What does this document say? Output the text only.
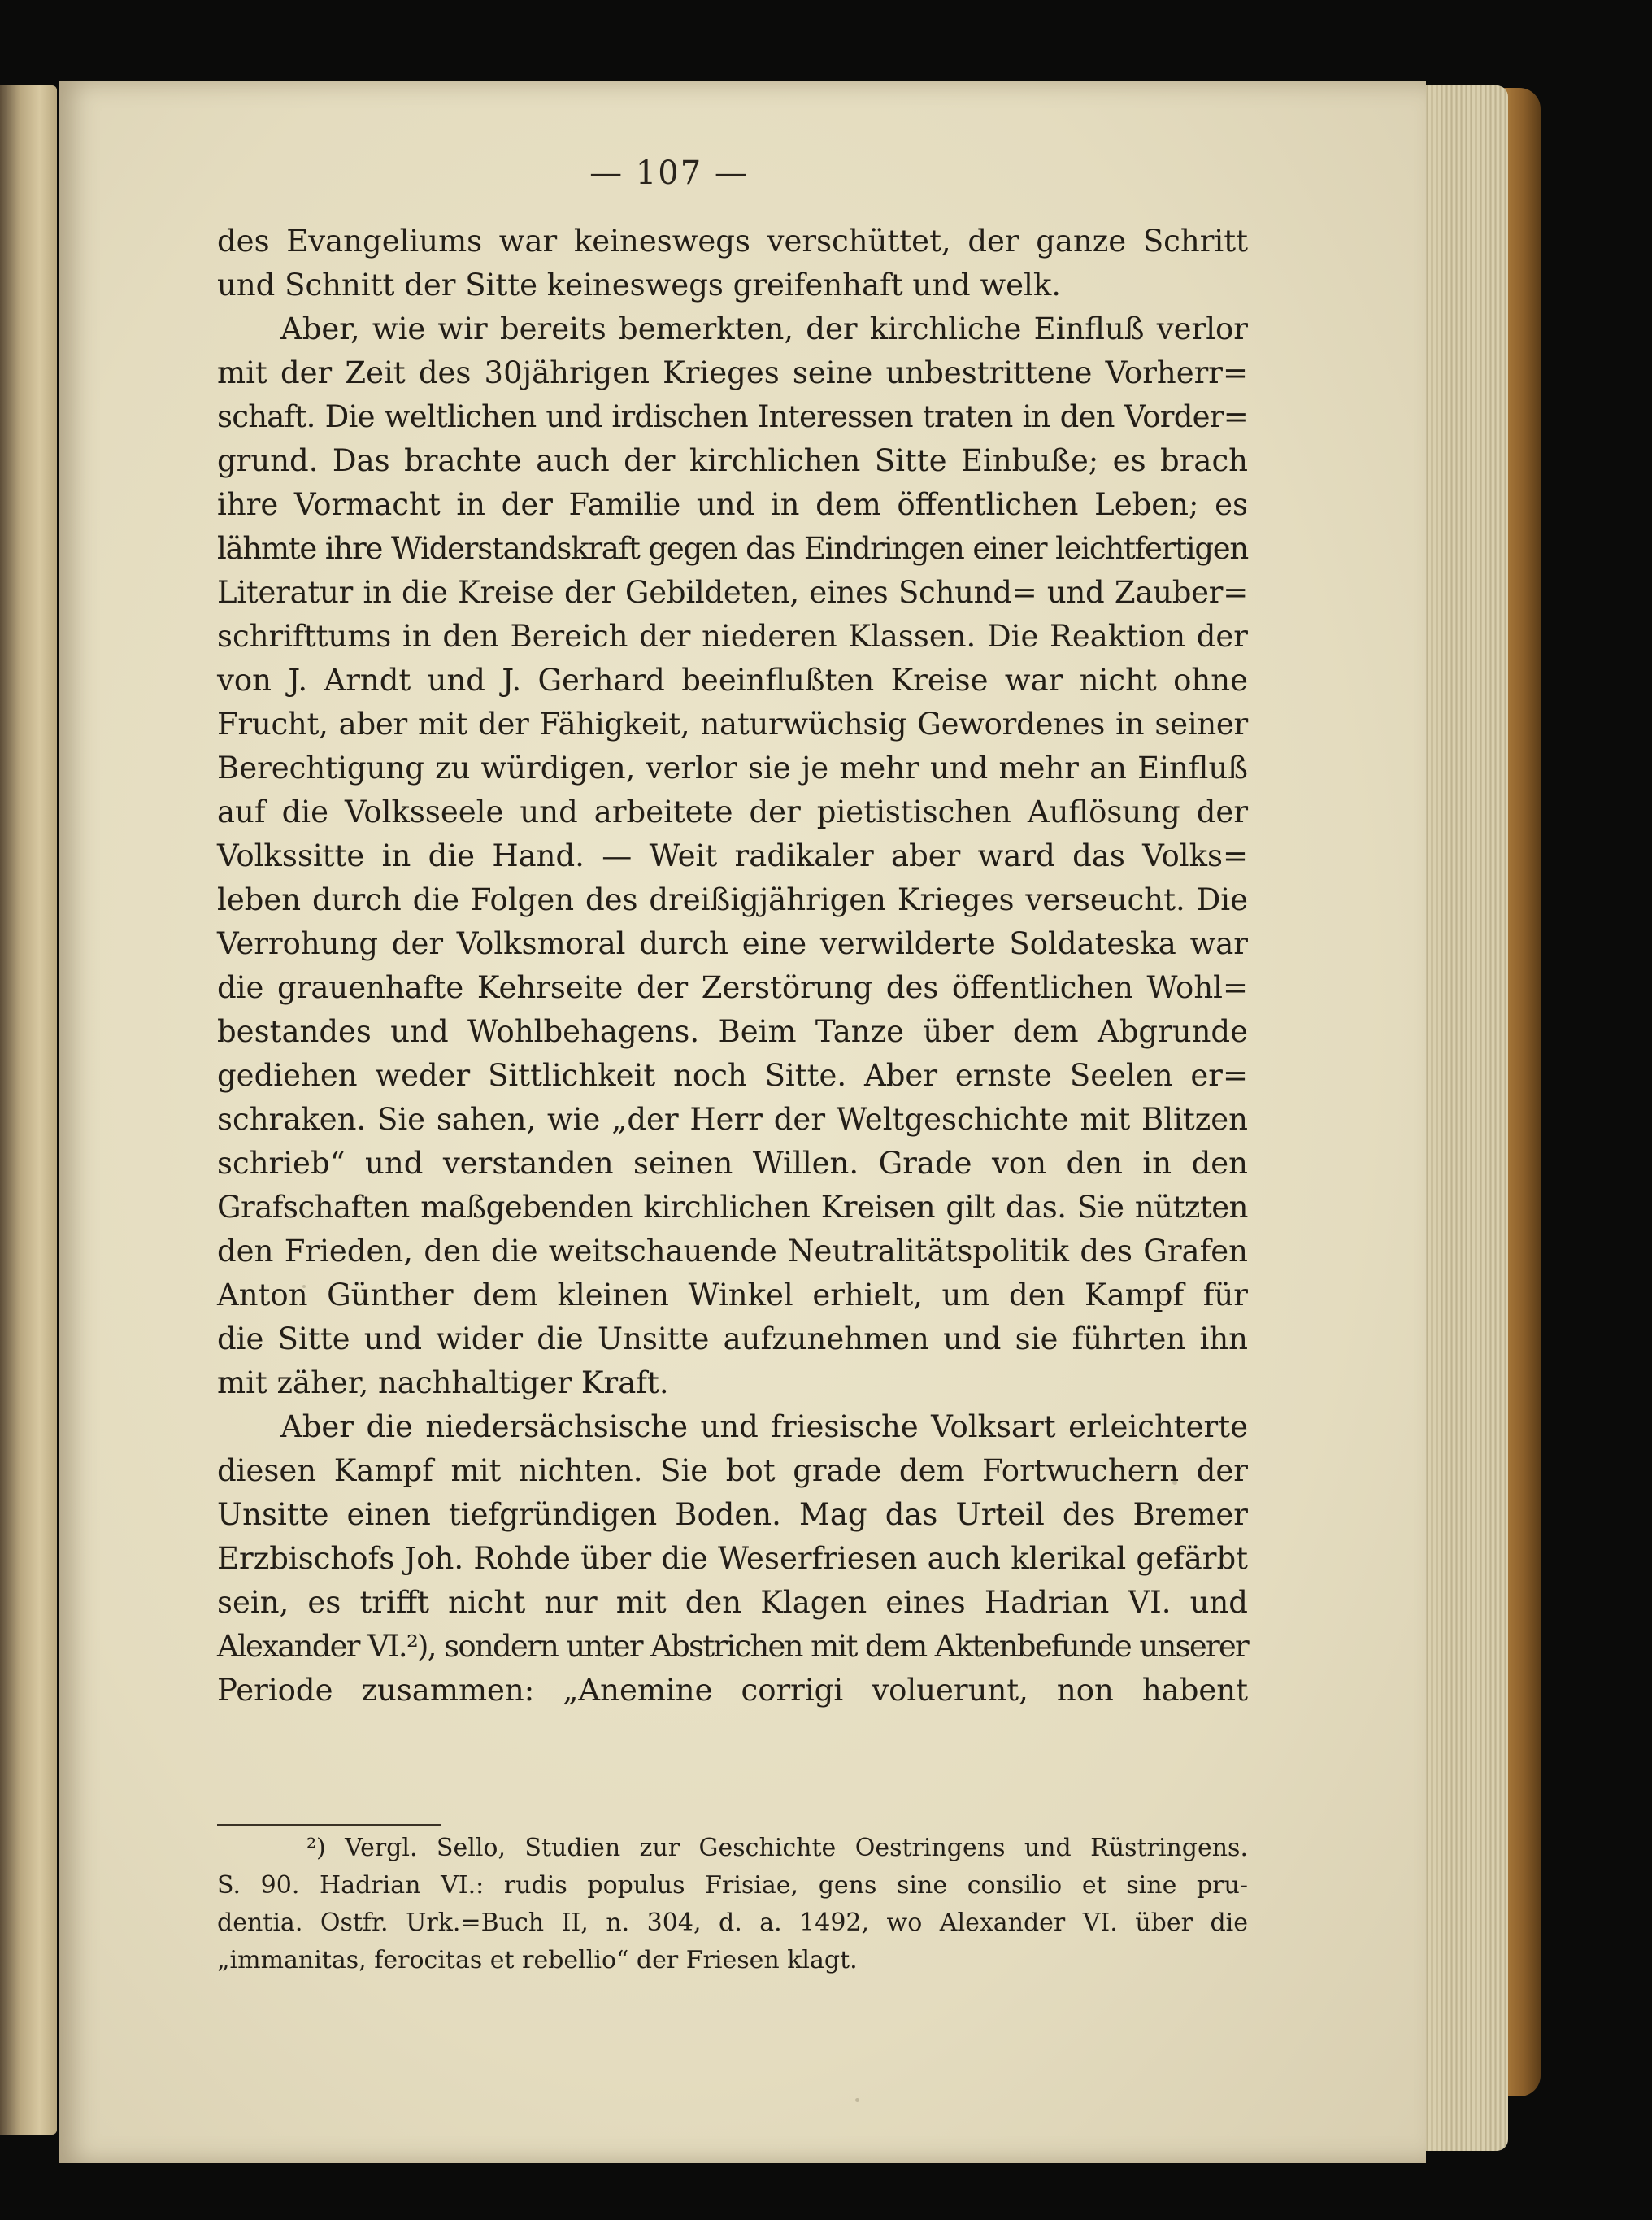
— 107 —
des Evangeliums war keineswegs verschüttet, der ganze Schritt
und Schnitt der Sitte keineswegs greifenhaft und welk.
Aber, wie wir bereits bemerkten, der kirchliche Einfluß verlor
mit der Zeit des 30jährigen Krieges seine unbestrittene Vorherr=
schaft. Die weltlichen und irdischen Interessen traten in den Vorder=
grund. Das brachte auch der kirchlichen Sitte Einbuße; es brach
ihre Vormacht in der Familie und in dem öffentlichen Leben; es
lähmte ihre Widerstandskraft gegen das Eindringen einer leichtfertigen
Literatur in die Kreise der Gebildeten, eines Schund= und Zauber=
schrifttums in den Bereich der niederen Klassen. Die Reaktion der
von J. Arndt und J. Gerhard beeinflußten Kreise war nicht ohne
Frucht, aber mit der Fähigkeit, naturwüchsig Gewordenes in seiner
Berechtigung zu würdigen, verlor sie je mehr und mehr an Einfluß
auf die Volksseele und arbeitete der pietistischen Auflösung der
Volkssitte in die Hand. — Weit radikaler aber ward das Volks=
leben durch die Folgen des dreißigjährigen Krieges verseucht. Die
Verrohung der Volksmoral durch eine verwilderte Soldateska war
die grauenhafte Kehrseite der Zerstörung des öffentlichen Wohl=
bestandes und Wohlbehagens. Beim Tanze über dem Abgrunde
gediehen weder Sittlichkeit noch Sitte. Aber ernste Seelen er=
schraken. Sie sahen, wie „der Herr der Weltgeschichte mit Blitzen
schrieb“ und verstanden seinen Willen. Grade von den in den
Grafschaften maßgebenden kirchlichen Kreisen gilt das. Sie nützten
den Frieden, den die weitschauende Neutralitätspolitik des Grafen
Anton Günther dem kleinen Winkel erhielt, um den Kampf für
die Sitte und wider die Unsitte aufzunehmen und sie führten ihn
mit zäher, nachhaltiger Kraft.
Aber die niedersächsische und friesische Volksart erleichterte
diesen Kampf mit nichten. Sie bot grade dem Fortwuchern der
Unsitte einen tiefgründigen Boden. Mag das Urteil des Bremer
Erzbischofs Joh. Rohde über die Weserfriesen auch klerikal gefärbt
sein, es trifft nicht nur mit den Klagen eines Hadrian VI. und
Alexander VI.²), sondern unter Abstrichen mit dem Aktenbefunde unserer
Periode zusammen: „Anemine corrigi voluerunt, non habent
²) Vergl. Sello, Studien zur Geschichte Oestringens und Rüstringens.
S. 90. Hadrian VI.: rudis populus Frisiae, gens sine consilio et sine pru-
dentia. Ostfr. Urk.=Buch II, n. 304, d. a. 1492, wo Alexander VI. über die
„immanitas, ferocitas et rebellio“ der Friesen klagt.
